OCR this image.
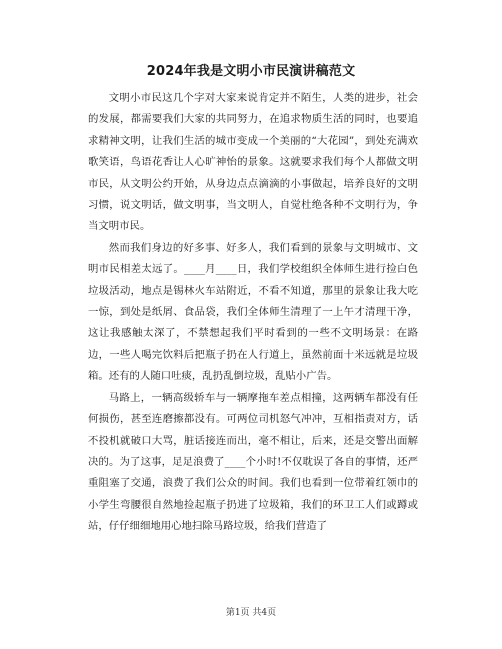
2024年我是文明小市民演讲稿范文

文明小市民这几个字对大家来说肯定并不陌生，人类的进步，社会的发展，都需要我们大家的共同努力，在追求物质生活的同时，也要追求精神文明，让我们生活的城市变成一个美丽的“大花园”，到处充满欢歌笑语，鸟语花香让人心旷神怡的景象。这就要求我们每个人都做文明市民，从文明公约开始，从身边点点滴滴的小事做起，培养良好的文明习惯，说文明话，做文明事，当文明人，自觉杜绝各种不文明行为，争当文明市民。

然而我们身边的好多事、好多人，我们看到的景象与文明城市、文明市民相差太远了。____月____日，我们学校组织全体师生进行捡白色垃圾活动，地点是锡林火车站附近，不看不知道，那里的景象让我大吃一惊，到处是纸屑、食品袋，我们全体师生清理了一上午才清理干净，这让我感触太深了，不禁想起我们平时看到的一些不文明场景：在路边，一些人喝完饮料后把瓶子扔在人行道上，虽然前面十米远就是垃圾箱。还有的人随口吐痰，乱扔乱倒垃圾，乱贴小广告。

马路上，一辆高级轿车与一辆摩拖车差点相撞，这两辆车都没有任何损伤，甚至连磨擦都没有。可两位司机怒气冲冲，互相指责对方，话不投机就破口大骂，脏话接连而出，毫不相让，后来，还是交警出面解决的。为了这事，足足浪费了____个小时!不仅耽误了各自的事情，还严重阻塞了交通，浪费了我们公众的时间。我们也看到一位带着红领巾的小学生弯腰很自然地捡起瓶子扔进了垃圾箱，我们的环卫工人们或蹲或站，仔仔细细地用心地扫除马路垃圾，给我们营造了

第1页 共4页
